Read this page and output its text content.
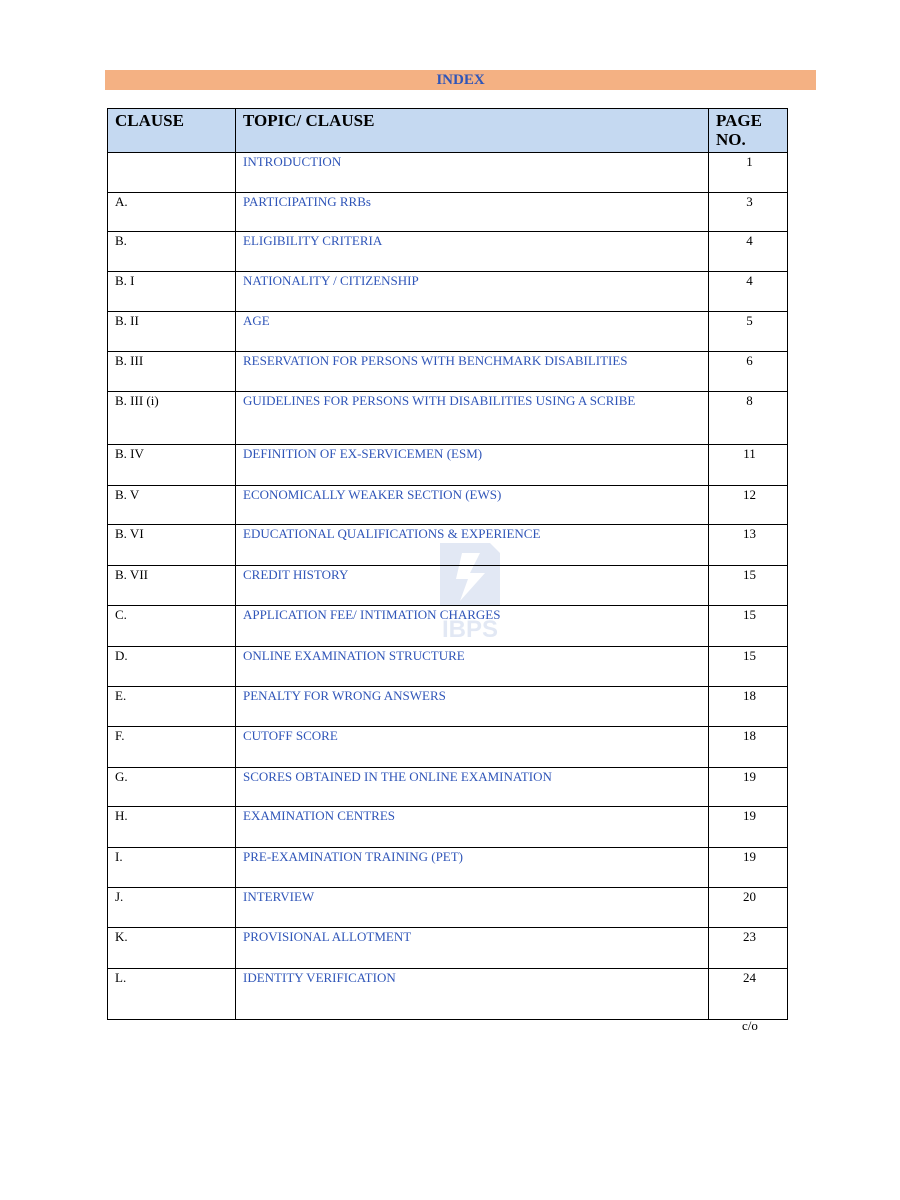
INDEX
IBPS
CLAUSE	TOPIC/ CLAUSE	PAGE NO.
	INTRODUCTION	1
A.	PARTICIPATING RRBs	3
B.	ELIGIBILITY CRITERIA	4
B. I	NATIONALITY / CITIZENSHIP	4
B. II	AGE	5
B. III	RESERVATION FOR PERSONS WITH BENCHMARK DISABILITIES	6
B. III (i)	GUIDELINES FOR PERSONS WITH DISABILITIES USING A SCRIBE	8
B. IV	DEFINITION OF EX-SERVICEMEN (ESM)	11
B. V	ECONOMICALLY WEAKER SECTION (EWS)	12
B. VI	EDUCATIONAL QUALIFICATIONS & EXPERIENCE	13
B. VII	CREDIT HISTORY	15
C.	APPLICATION FEE/ INTIMATION CHARGES	15
D.	ONLINE EXAMINATION STRUCTURE	15
E.	PENALTY FOR WRONG ANSWERS	18
F.	CUTOFF SCORE	18
G.	SCORES OBTAINED IN THE ONLINE EXAMINATION	19
H.	EXAMINATION CENTRES	19
I.	PRE-EXAMINATION TRAINING (PET)	19
J.	INTERVIEW	20
K.	PROVISIONAL ALLOTMENT	23
L.	IDENTITY VERIFICATION	24
c/o
